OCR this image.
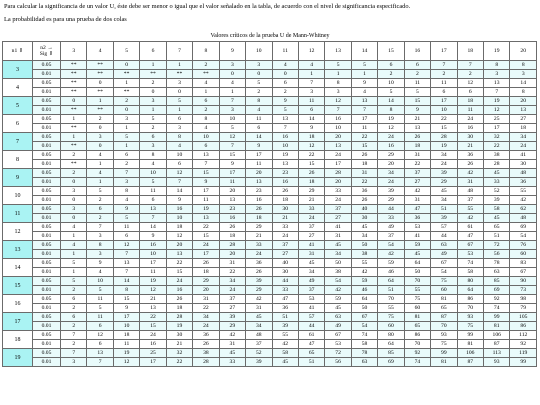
Para calcular la significancia de un valor U, éste debe ser menor o igual que el valor señalado en la tabla, de acuerdo con el nivel de significancia especificado.

La probabilidad es para una prueba de dos colas

Valores críticos de la prueba U de Mann-Whitney
n1 ⇓	n2 →
Sig ⇓	3	4	5	6	7	8	9	10	11	12	13	14	15	16	17	18	19	20
3	0.05	**	**	0	1	1	2	3	3	4	4	5	5	6	6	7	7	8	8
	0.01	**	**	**	**	**	**	0	0	0	1	1	1	2	2	2	2	3	3
4	0.05	**	0	1	2	3	4	4	5	6	7	8	9	10	11	11	12	13	14
	0.01	**	**	**	0	0	1	1	2	2	3	3	4	5	5	6	6	7	8
5	0.05	0	1	2	3	5	6	7	8	9	11	12	13	14	15	17	18	19	20
	0.01	**	**	0	1	1	2	3	4	5	6	7	7	8	9	10	11	12	13
6	0.05	1	2	3	5	6	8	10	11	13	14	16	17	19	21	22	24	25	27
	0.01	**	0	1	2	3	4	5	6	7	9	10	11	12	13	15	16	17	18
7	0.05	1	3	5	6	8	10	12	14	16	18	20	22	24	26	28	30	32	34
	0.01	**	0	1	3	4	6	7	9	10	12	13	15	16	18	19	21	22	24
8	0.05	2	4	6	8	10	13	15	17	19	22	24	26	29	31	34	36	38	41
	0.01	**	1	2	4	6	7	9	11	13	15	17	18	20	22	24	26	28	30
9	0.05	2	4	7	10	12	15	17	20	23	26	28	31	34	37	39	42	45	48
	0.01	0	1	3	5	7	9	11	13	16	18	20	22	24	27	29	31	33	36
10	0.05	3	5	8	11	14	17	20	23	26	29	33	36	39	42	45	48	52	55
	0.01	0	2	4	6	9	11	13	16	18	21	24	26	29	31	34	37	39	42
11	0.05	3	6	9	13	16	19	23	26	30	33	37	40	44	47	51	55	58	62
	0.01	0	2	5	7	10	13	16	18	21	24	27	30	33	36	39	42	45	48
12	0.05	4	7	11	14	18	22	26	29	33	37	41	45	49	53	57	61	65	69
	0.01	1	3	6	9	12	15	18	21	24	27	31	34	37	41	44	47	51	54
13	0.05	4	8	12	16	20	24	28	33	37	41	45	50	54	59	63	67	72	76
	0.01	1	3	7	10	13	17	20	24	27	31	34	38	42	45	49	53	56	60
14	0.05	5	9	13	17	22	26	31	36	40	45	50	55	59	64	67	74	78	83
	0.01	1	4	7	11	15	18	22	26	30	34	38	42	46	50	54	58	63	67
15	0.05	5	10	14	19	24	29	34	39	44	49	54	59	64	70	75	80	85	90
	0.01	2	5	8	12	16	20	24	29	33	37	42	46	51	55	60	64	69	73
16	0.05	6	11	15	21	26	31	37	42	47	53	59	64	70	75	81	86	92	98
	0.01	2	5	9	13	18	22	27	31	36	41	45	50	55	60	65	70	74	79
17	0.05	6	11	17	22	28	34	39	45	51	57	63	67	75	81	87	93	99	105
	0.01	2	6	10	15	19	24	29	34	39	44	49	54	60	65	70	75	81	86
18	0.05	7	12	18	24	30	36	42	48	55	61	67	74	80	86	93	99	106	112
	0.01	2	6	11	16	21	26	31	37	42	47	53	58	64	70	75	81	87	92
19	0.05	7	13	19	25	32	38	45	52	58	65	72	78	85	92	99	106	113	119
	0.01	3	7	12	17	22	28	33	39	45	51	56	63	69	74	81	87	93	99
